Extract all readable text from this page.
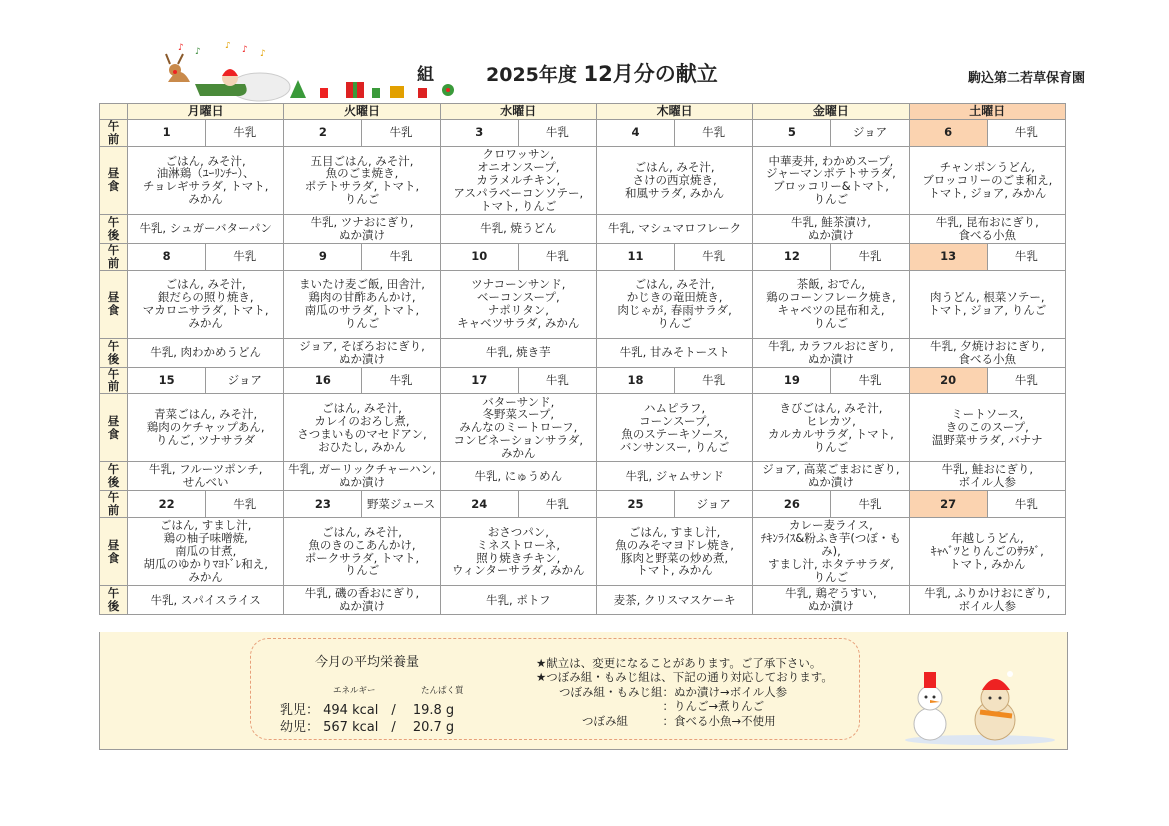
♪ ♪
♪ ♪ ♪
組	2025年度 12月分の献立	駒込第二若草保育園
	月曜日		火曜日		水曜日		木曜日		金曜日		土曜日	
午
前	1	牛乳	2	牛乳	3	牛乳	4	牛乳	5	ジョア	6	牛乳
昼
食	ごはん, みそ汁,
油淋鶏（ﾕｰﾘﾝﾁｰ）、
チョレギサラダ, トマト,
みかん		五目ごはん, みそ汁,
魚のごま焼き,
ポテトサラダ, トマト,
りんご		クロワッサン,
オニオンスープ,
カラメルチキン,
アスパラベーコンソテー,
トマト, りんご		ごはん, みそ汁,
さけの西京焼き,
和風サラダ, みかん		中華麦丼, わかめスープ,
ジャーマンポテトサラダ,
ブロッコリー&トマト,
りんご		チャンポンうどん,
ブロッコリーのごま和え,
トマト, ジョア, みかん	
午
後	牛乳, シュガーバターパン		牛乳, ツナおにぎり,
ぬか漬け		牛乳, 焼うどん		牛乳, マシュマロフレーク		牛乳, 鮭茶漬け,
ぬか漬け		牛乳, 昆布おにぎり,
食べる小魚	
午
前	8	牛乳	9	牛乳	10	牛乳	11	牛乳	12	牛乳	13	牛乳
昼
食	ごはん, みそ汁,
銀だらの照り焼き,
マカロニサラダ, トマト,
みかん		まいたけ麦ご飯, 田舎汁,
鶏肉の甘酢あんかけ,
南瓜のサラダ, トマト,
りんご		ツナコーンサンド,
ベーコンスープ,
ナポリタン,
キャベツサラダ, みかん		ごはん, みそ汁,
かじきの竜田焼き,
肉じゃが, 春雨サラダ,
りんご		茶飯, おでん,
鶏のコーンフレーク焼き,
キャベツの昆布和え,
りんご		肉うどん, 根菜ソテー,
トマト, ジョア, りんご	
午
後	牛乳, 肉わかめうどん		ジョア, そぼろおにぎり,
ぬか漬け		牛乳, 焼き芋		牛乳, 甘みそトースト		牛乳, カラフルおにぎり,
ぬか漬け		牛乳, 夕焼けおにぎり,
食べる小魚	
午
前	15	ジョア	16	牛乳	17	牛乳	18	牛乳	19	牛乳	20	牛乳
昼
食	青菜ごはん, みそ汁,
鶏肉のケチャップあん,
りんご, ツナサラダ		ごはん, みそ汁,
カレイのおろし煮,
さつまいものマセドアン,
おひたし, みかん		バターサンド,
冬野菜スープ,
みんなのミートローフ,
コンビネーションサラダ,
みかん		ハムピラフ,
コーンスープ,
魚のステーキソース,
バンサンスー, りんご		きびごはん, みそ汁,
ヒレカツ,
カルカルサラダ, トマト,
りんご		ミートソース,
きのこのスープ,
温野菜サラダ, バナナ	
午
後	牛乳, フルーツポンチ,
せんべい		牛乳, ガーリックチャーハン,
ぬか漬け		牛乳, にゅうめん		牛乳, ジャムサンド		ジョア, 高菜ごまおにぎり,
ぬか漬け		牛乳, 鮭おにぎり,
ボイル人参	
午
前	22	牛乳	23	野菜ジュース	24	牛乳	25	ジョア	26	牛乳	27	牛乳
昼
食	ごはん, すまし汁,
鶏の柚子味噌焼,
南瓜の甘煮,
胡瓜のゆかりﾏﾖﾄﾞﾚ和え,
みかん		ごはん, みそ汁,
魚のきのこあんかけ,
ポークサラダ, トマト,
りんご		おさつパン,
ミネストローネ,
照り焼きチキン,
ウィンターサラダ, みかん		ごはん, すまし汁,
魚のみそマヨドレ焼き,
豚肉と野菜の炒め煮,
トマト, みかん		カレー麦ライス,
ﾁｷﾝﾗｲｽ&粉ふき芋(つぼ・もみ),
すまし汁, ホタテサラダ,
りんご		年越しうどん,
ｷｬﾍﾞﾂとりんごのｻﾗﾀﾞ,
トマト, みかん	
午
後	牛乳, スパイスライス		牛乳, 磯の香おにぎり,
ぬか漬け		牛乳, ポトフ		麦茶, クリスマスケーキ		牛乳, 鶏ぞうすい,
ぬか漬け		牛乳, ふりかけおにぎり,
ボイル人参	
今月の平均栄養量
エネルギー	たんぱく質
乳児： 494 kcal　/　 19.8 g
幼児： 567 kcal　/　 20.7 g
★献立は、変更になることがあります。ご了承下さい。
★つぼみ組・もみじ組は、下記の通り対応しております。
　　つぼみ組・もみじ組：ぬか漬け→ボイル人参
　　　　　　　　　　　：りんご→煮りんご
　　　　つぼみ組　　　：食べる小魚→不使用
